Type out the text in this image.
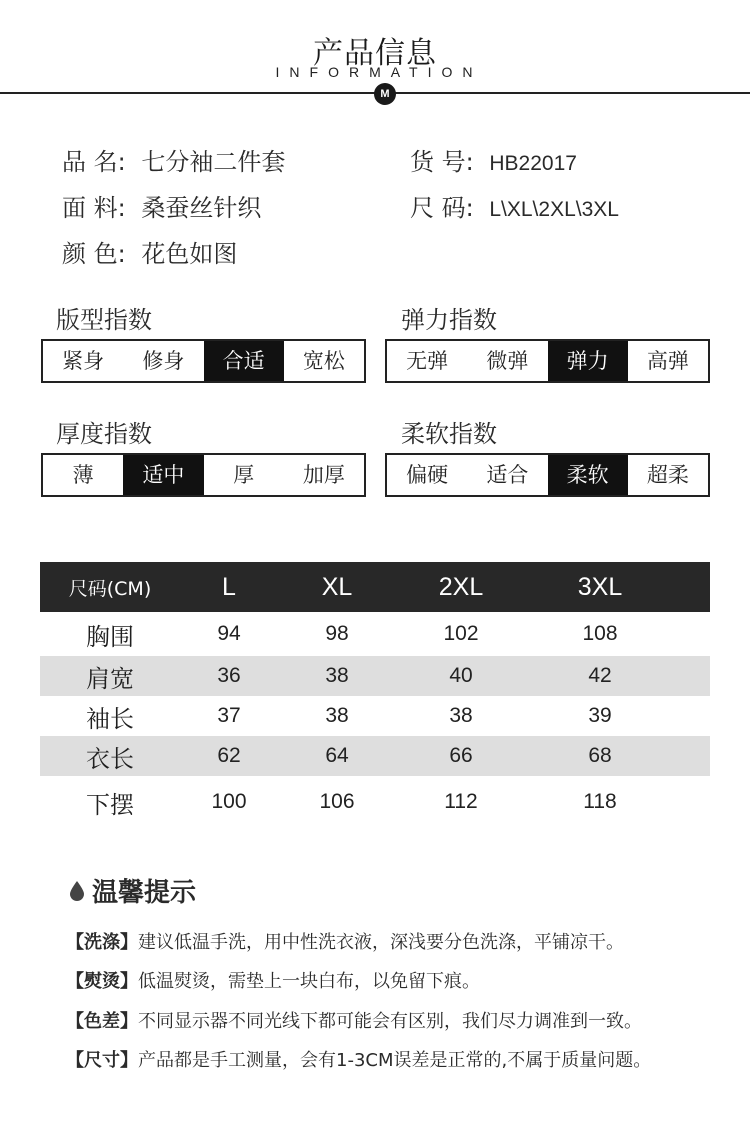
产品信息
INFORMATION
M
品 名: 七分袖二件套	货 号: HB22017
面 料: 桑蚕丝针织	尺 码: L\XL\2XL\3XL
颜 色: 花色如图
版型指数
紧身	修身	合适	宽松
弹力指数
无弹	微弹	弹力	高弹
厚度指数
薄	适中	厚	加厚
柔软指数
偏硬	适合	柔软	超柔
尺码(CM)	L	XL	2XL	3XL
胸围	94	98	102	108
肩宽	36	38	40	42
袖长	37	38	38	39
衣长	62	64	66	68
下摆	100	106	112	118
温馨提示
【洗涤】建议低温手洗，用中性洗衣液，深浅要分色洗涤，平铺凉干。
【熨烫】低温熨烫，需垫上一块白布，以免留下痕。
【色差】不同显示器不同光线下都可能会有区别，我们尽力调准到一致。
【尺寸】产品都是手工测量，会有1-3CM误差是正常的,不属于质量问题。
